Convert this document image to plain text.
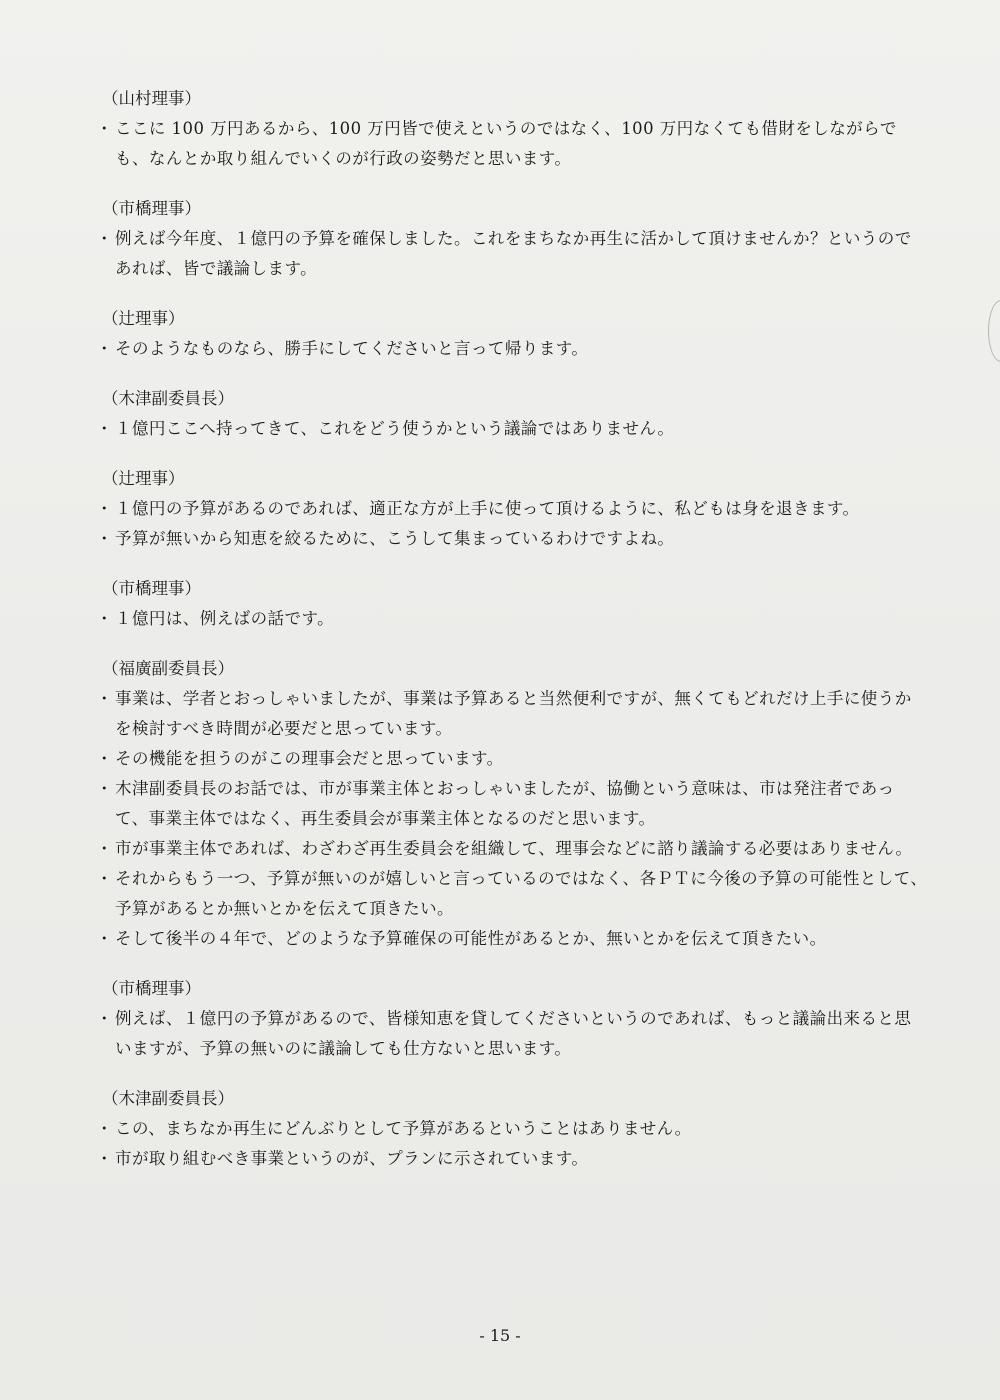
（山村理事）
・ ここに 100 万円あるから、100 万円皆で使えというのではなく、100 万円なくても借財をしながらでも、なんとか取り組んでいくのが行政の姿勢だと思います。
（市橋理事）
・ 例えば今年度、１億円の予算を確保しました。これをまちなか再生に活かして頂けませんか？というのであれば、皆で議論します。
（辻理事）
・ そのようなものなら、勝手にしてくださいと言って帰ります。
（木津副委員長）
・ １億円ここへ持ってきて、これをどう使うかという議論ではありません。
（辻理事）
・ １億円の予算があるのであれば、適正な方が上手に使って頂けるように、私どもは身を退きます。
・ 予算が無いから知恵を絞るために、こうして集まっているわけですよね。
（市橋理事）
・ １億円は、例えばの話です。
（福廣副委員長）
・ 事業は、学者とおっしゃいましたが、事業は予算あると当然便利ですが、無くてもどれだけ上手に使うかを検討すべき時間が必要だと思っています。
・ その機能を担うのがこの理事会だと思っています。
・ 木津副委員長のお話では、市が事業主体とおっしゃいましたが、協働という意味は、市は発注者であって、事業主体ではなく、再生委員会が事業主体となるのだと思います。
・ 市が事業主体であれば、わざわざ再生委員会を組織して、理事会などに諮り議論する必要はありません。
・ それからもう一つ、予算が無いのが嬉しいと言っているのではなく、各ＰＴに今後の予算の可能性として、予算があるとか無いとかを伝えて頂きたい。
・ そして後半の４年で、どのような予算確保の可能性があるとか、無いとかを伝えて頂きたい。
（市橋理事）
・ 例えば、１億円の予算があるので、皆様知恵を貸してくださいというのであれば、もっと議論出来ると思いますが、予算の無いのに議論しても仕方ないと思います。
（木津副委員長）
・ この、まちなか再生にどんぶりとして予算があるということはありません。
・ 市が取り組むべき事業というのが、プランに示されています。
- 15 -
